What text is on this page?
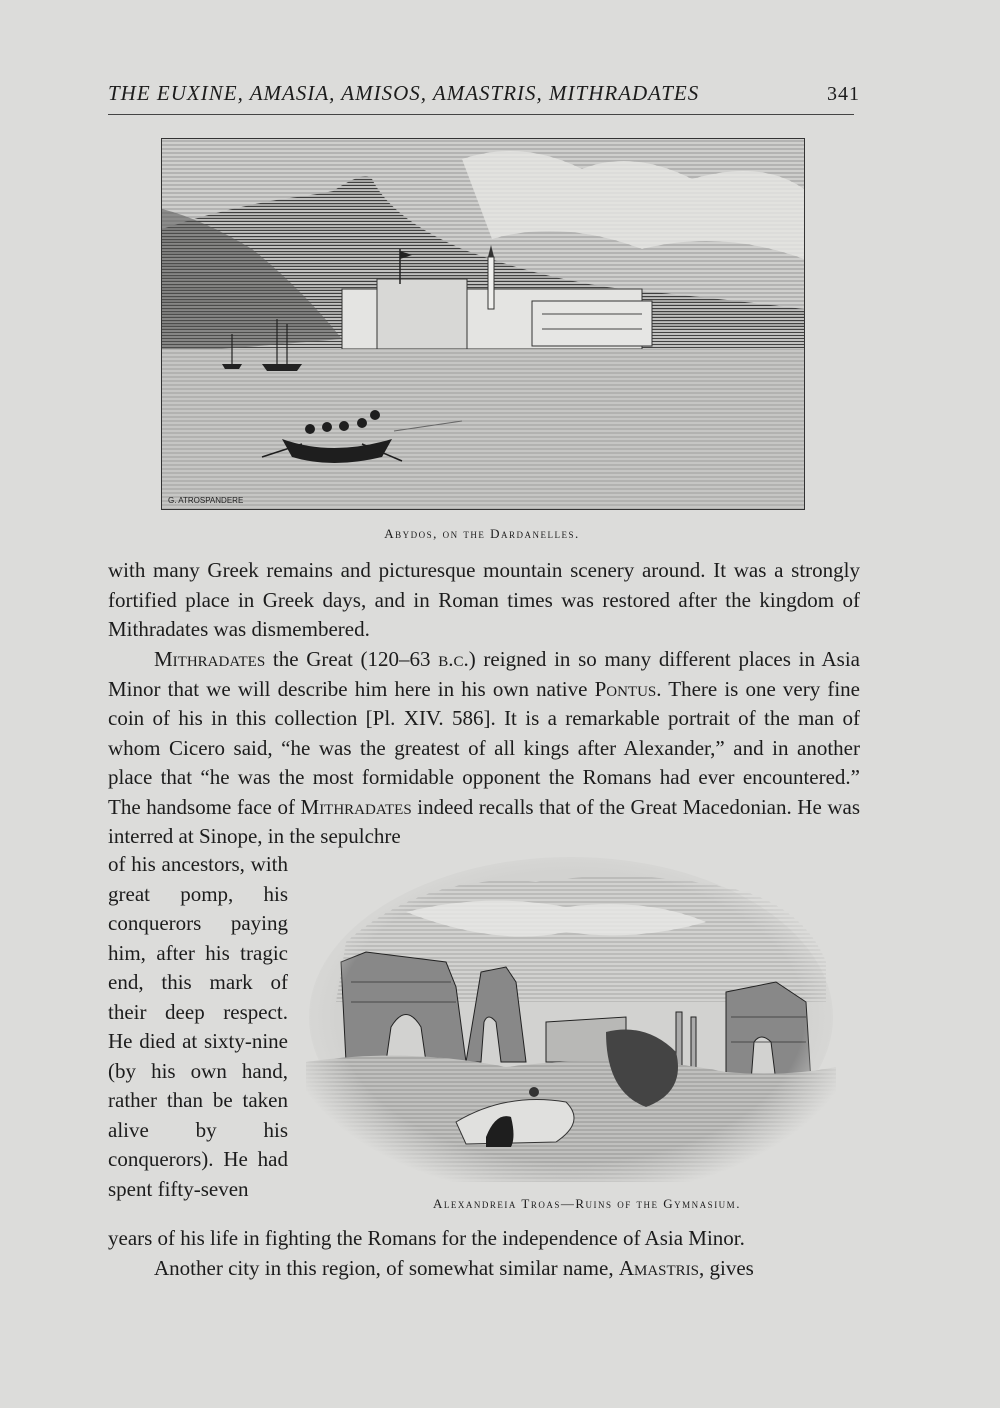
THE EUXINE, AMASIA, AMISOS, AMASTRIS, MITHRADATES	341
G. ATROSPANDERE
Abydos, on the Dardanelles.
with many Greek remains and picturesque mountain scenery around. It was a strongly fortified place in Greek days, and in Roman times was restored after the kingdom of Mithradates was dismembered.
Mithradates the Great (120–63 b.c.) reigned in so many different places in Asia Minor that we will describe him here in his own native Pontus. There is one very fine coin of his in this collection [Pl. XIV. 586]. It is a remarkable portrait of the man of whom Cicero said, “he was the greatest of all kings after Alexander,” and in another place that “he was the most formidable opponent the Romans had ever encountered.” The handsome face of Mithradates indeed recalls that of the Great Macedonian. He was interred at Sinope, in the sepulchre
of his ancestors, with great pomp, his conquerors paying him, after his tragic end, this mark of their deep respect. He died at sixty-nine (by his own hand, rather than be taken alive by his conquerors). He had spent fifty-seven
Alexandreia Troas—Ruins of the Gymnasium.
years of his life in fighting the Romans for the independence of Asia Minor.
Another city in this region, of somewhat similar name, Amastris, gives
